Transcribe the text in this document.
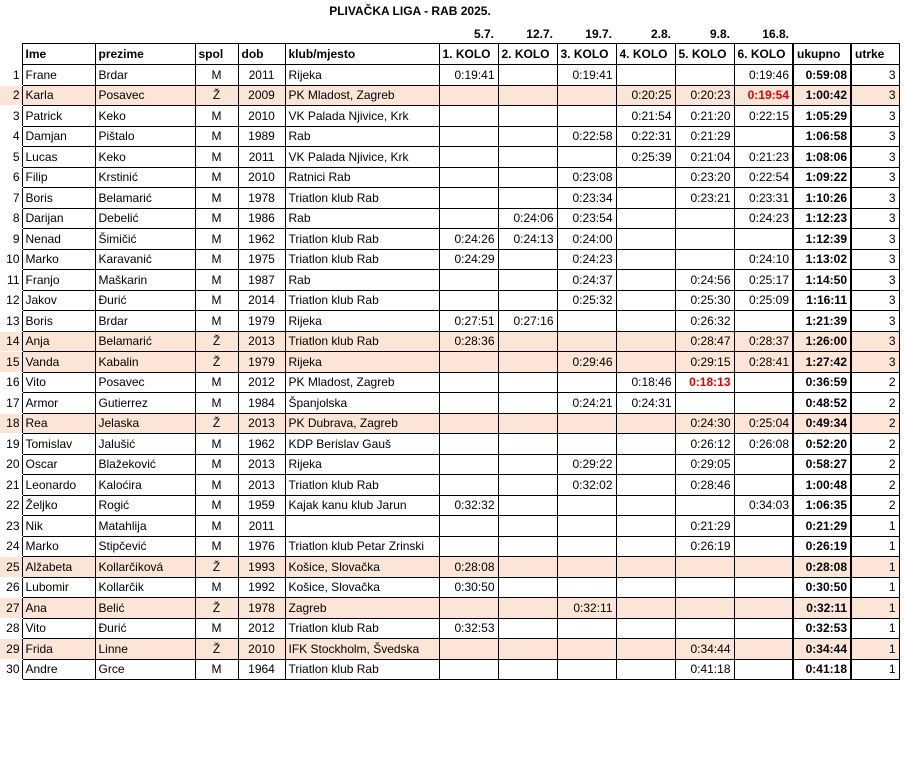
PLIVAČKA LIGA - RAB 2025.
						5.7.	12.7.	19.7.	2.8.	9.8.	16.8.		
	Ime	prezime	spol	dob	klub/mjesto	1. KOLO	2. KOLO	3. KOLO	4. KOLO	5. KOLO	6. KOLO	ukupno	utrke
1	Frane	Brdar	M	2011	Rijeka	0:19:41		0:19:41			0:19:46	0:59:08	3
2	Karla	Posavec	Ž	2009	PK Mladost, Zagreb				0:20:25	0:20:23	0:19:54	1:00:42	3
3	Patrick	Keko	M	2010	VK Palada Njivice, Krk				0:21:54	0:21:20	0:22:15	1:05:29	3
4	Damjan	Pištalo	M	1989	Rab			0:22:58	0:22:31	0:21:29		1:06:58	3
5	Lucas	Keko	M	2011	VK Palada Njivice, Krk				0:25:39	0:21:04	0:21:23	1:08:06	3
6	Filip	Krstinić	M	2010	Ratnici Rab			0:23:08		0:23:20	0:22:54	1:09:22	3
7	Boris	Belamarić	M	1978	Triatlon klub Rab			0:23:34		0:23:21	0:23:31	1:10:26	3
8	Darijan	Debelić	M	1986	Rab		0:24:06	0:23:54			0:24:23	1:12:23	3
9	Nenad	Šimičić	M	1962	Triatlon klub Rab	0:24:26	0:24:13	0:24:00				1:12:39	3
10	Marko	Karavanić	M	1975	Triatlon klub Rab	0:24:29		0:24:23			0:24:10	1:13:02	3
11	Franjo	Maškarin	M	1987	Rab			0:24:37		0:24:56	0:25:17	1:14:50	3
12	Jakov	Đurić	M	2014	Triatlon klub Rab			0:25:32		0:25:30	0:25:09	1:16:11	3
13	Boris	Brdar	M	1979	Rijeka	0:27:51	0:27:16			0:26:32		1:21:39	3
14	Anja	Belamarić	Ž	2013	Triatlon klub Rab	0:28:36				0:28:47	0:28:37	1:26:00	3
15	Vanda	Kabalin	Ž	1979	Rijeka			0:29:46		0:29:15	0:28:41	1:27:42	3
16	Vito	Posavec	M	2012	PK Mladost, Zagreb				0:18:46	0:18:13		0:36:59	2
17	Armor	Gutierrez	M	1984	Španjolska			0:24:21	0:24:31			0:48:52	2
18	Rea	Jelaska	Ž	2013	PK Dubrava, Zagreb					0:24:30	0:25:04	0:49:34	2
19	Tomislav	Jalušić	M	1962	KDP Berislav Gauš					0:26:12	0:26:08	0:52:20	2
20	Oscar	Blažeković	M	2013	Rijeka			0:29:22		0:29:05		0:58:27	2
21	Leonardo	Kaloćira	M	2013	Triatlon klub Rab			0:32:02		0:28:46		1:00:48	2
22	Željko	Rogić	M	1959	Kajak kanu klub Jarun	0:32:32					0:34:03	1:06:35	2
23	Nik	Matahlija	M	2011						0:21:29		0:21:29	1
24	Marko	Stipčević	M	1976	Triatlon klub Petar Zrinski					0:26:19		0:26:19	1
25	Alžabeta	Kollarčiková	Ž	1993	Košice, Slovačka	0:28:08						0:28:08	1
26	Lubomir	Kollarčik	M	1992	Košice, Slovačka	0:30:50						0:30:50	1
27	Ana	Belić	Ž	1978	Zagreb			0:32:11				0:32:11	1
28	Vito	Đurić	M	2012	Triatlon klub Rab	0:32:53						0:32:53	1
29	Frida	Linne	Ž	2010	IFK Stockholm, Švedska					0:34:44		0:34:44	1
30	Andre	Grce	M	1964	Triatlon klub Rab					0:41:18		0:41:18	1
